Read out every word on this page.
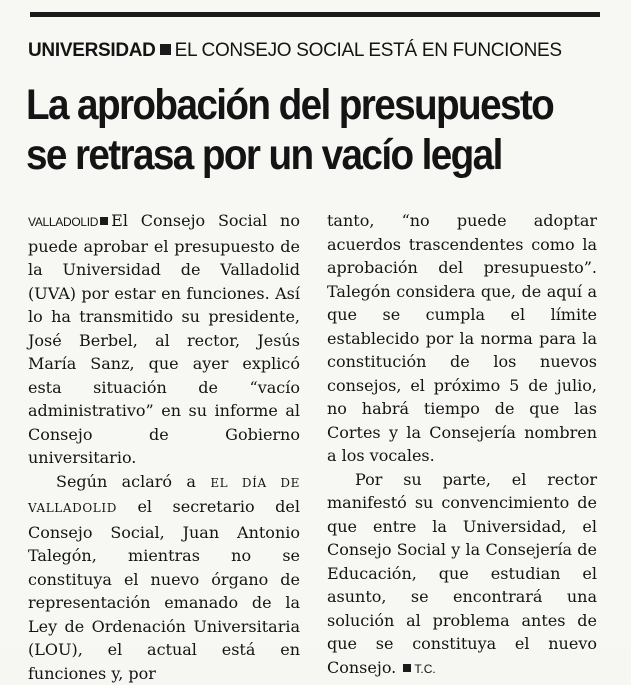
UNIVERSIDAD EL CONSEJO SOCIAL ESTÁ EN FUNCIONES
La aprobación del presupuesto
se retrasa por un vacío legal

VALLADOLID El Consejo Social no puede aprobar el presupuesto de la Universidad de Valladolid (UVA) por estar en funciones. Así lo ha transmitido su presidente, José Berbel, al rector, Jesús María Sanz, que ayer explicó esta situación de “vacío administrativo” en su informe al Consejo de Gobierno universitario.

Según aclaró a EL DÍA DE VALLADOLID el secretario del Consejo Social, Juan Antonio Talegón, mientras no se constituya el nuevo órgano de representación emanado de la Ley de Ordenación Universitaria (LOU), el actual está en funciones y, por

tanto, “no puede adoptar acuerdos trascendentes como la aprobación del presupuesto”. Talegón considera que, de aquí a que se cumpla el límite establecido por la norma para la constitución de los nuevos consejos, el próximo 5 de julio, no habrá tiempo de que las Cortes y la Consejería nombren a los vocales.

Por su parte, el rector manifestó su convencimiento de que entre la Universidad, el Consejo Social y la Consejería de Educación, que estudian el asunto, se encontrará una solución al problema antes de que se constituya el nuevo Consejo. T.C.
